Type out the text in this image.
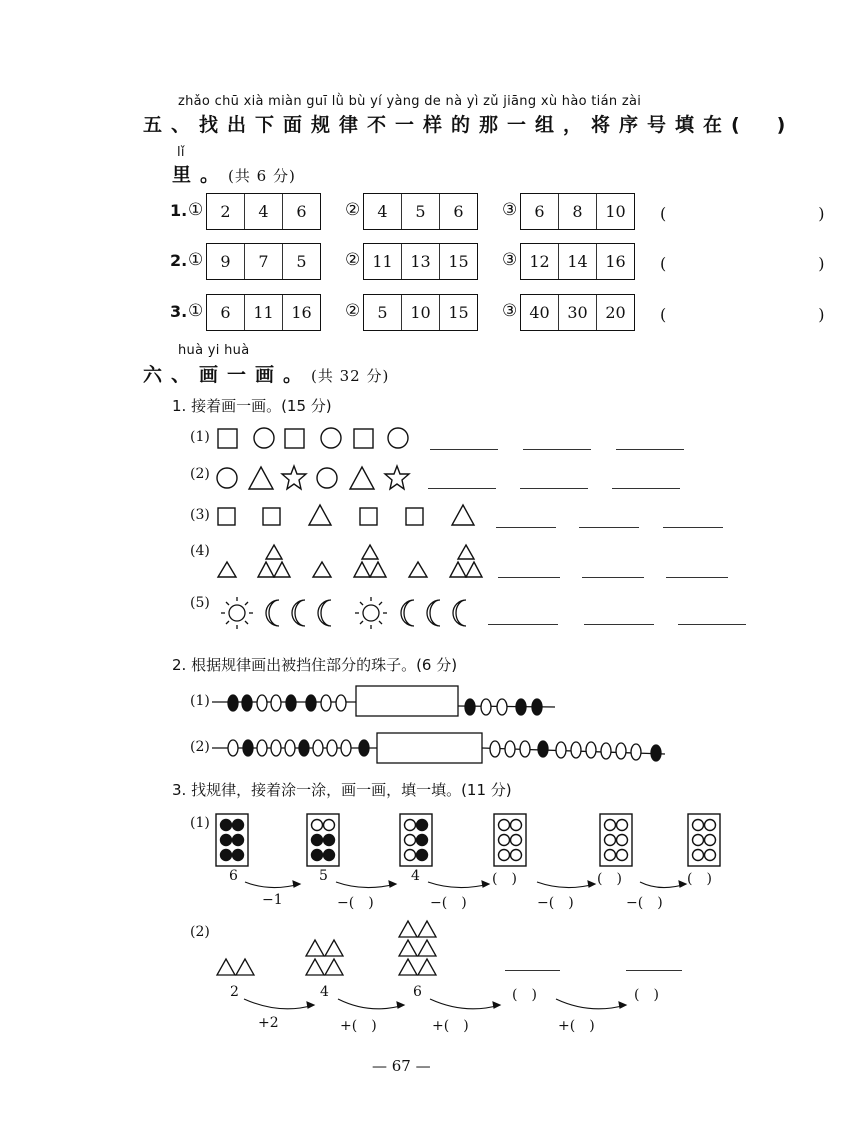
zhǎo chū xià miàn guī lǜ bù yí yàng de nà yì zǔ jiāng xù hào tián zài
五、找出下面规律不一样的那一组，将序号填在(　)
lǐ
里。(共 6 分)
1. ①	2	4	6	②	4	5	6	③	6	8	10	(　　)
2. ①	9	7	5	② 11	13	15	③ 12	14	16	(　　)
3. ①	6	11	16	②	5	10	15	③ 40	30	20	(　　)
huà yi huà
六、画一画。(共 32 分)
1. 接着画一画。(15 分)
(1)
(2)
(3)
(4)
(5)
2. 根据规律画出被挡住部分的珠子。(6 分)
(1)
(2)
3. 找规律，接着涂一涂，画一画，填一填。(11 分)
(1)
6	5	4	(　)	(　)	(　)
−1	−(　)	−(　)	−(　)	−(　)
(2)
2	4	6	(　)	(　)
+2	+(　)	+(　)	+(　)
— 67 —
